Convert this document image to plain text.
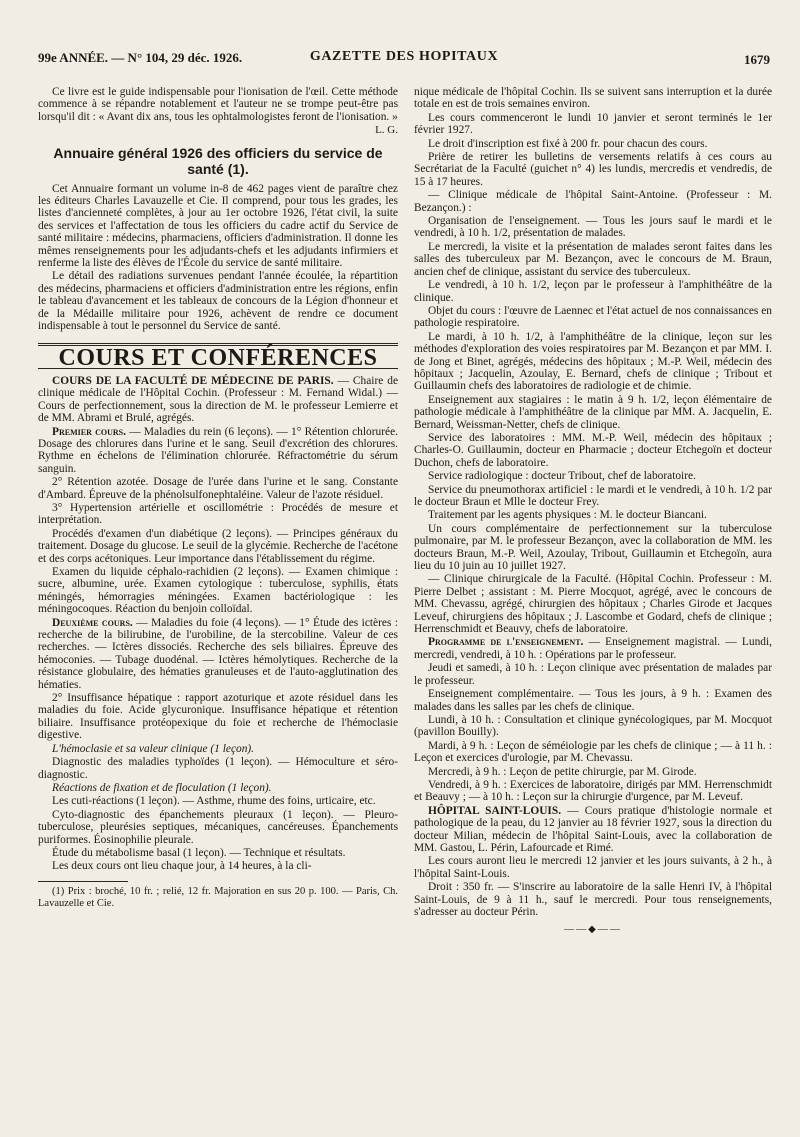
99e ANNÉE. — N° 104, 29 déc. 1926.	GAZETTE DES HOPITAUX	1679

Ce livre est le guide indispensable pour l'ionisation de l'œil. Cette méthode commence à se répandre notablement et l'auteur ne se trompe peut-être pas lorsqu'il dit : « Avant dix ans, tous les ophtalmologistes feront de l'ionisation. »

L. G.
Annuaire général 1926 des officiers du service de santé (1).

Cet Annuaire formant un volume in-8 de 462 pages vient de paraître chez les éditeurs Charles Lavauzelle et Cie. Il comprend, pour tous les grades, les listes d'ancienneté complètes, à jour au 1er octobre 1926, l'état civil, la suite des services et l'affectation de tous les officiers du cadre actif du Service de santé militaire : médecins, pharmaciens, officiers d'administration. Il donne les mêmes renseignements pour les adjudants-chefs et les adjudants infirmiers et renferme la liste des élèves de l'École du service de santé militaire.

Le détail des radiations survenues pendant l'année écoulée, la répartition des médecins, pharmaciens et officiers d'administration entre les régions, enfin le tableau d'avancement et les tableaux de concours de la Légion d'honneur et de la Médaille militaire pour 1926, achèvent de rendre ce document indispensable à tout le personnel du Service de santé.

COURS ET CONFÉRENCES

COURS DE LA FACULTÉ DE MÉDECINE DE PARIS. — Chaire de clinique médicale de l'Hôpital Cochin. (Professeur : M. Fernand Widal.) — Cours de perfectionnement, sous la direction de M. le professeur Lemierre et de MM. Abrami et Brulé, agrégés.

Premier cours. — Maladies du rein (6 leçons). — 1° Rétention chlorurée. Dosage des chlorures dans l'urine et le sang. Seuil d'excrétion des chlorures. Rythme en échelons de l'élimination chlorurée. Réfractométrie du sérum sanguin.

2° Rétention azotée. Dosage de l'urée dans l'urine et le sang. Constante d'Ambard. Épreuve de la phénolsulfonephtaléine. Valeur de l'azote résiduel.

3° Hypertension artérielle et oscillométrie : Procédés de mesure et interprétation.

Procédés d'examen d'un diabétique (2 leçons). — Principes généraux du traitement. Dosage du glucose. Le seuil de la glycémie. Recherche de l'acétone et des corps acétoniques. Leur importance dans l'établissement du régime.

Examen du liquide céphalo-rachidien (2 leçons). — Examen chimique : sucre, albumine, urée. Examen cytologique : tuberculose, syphilis, états méningés, hémorragies méningées. Examen bactériologique : les méningocoques. Réaction du benjoin colloïdal.

Deuxième cours. — Maladies du foie (4 leçons). — 1° Étude des ictères : recherche de la bilirubine, de l'urobiline, de la stercobiline. Valeur de ces recherches. — Ictères dissociés. Recherche des sels biliaires. Épreuve des hémoconies. — Tubage duodénal. — Ictères hémolytiques. Recherche de la résistance globulaire, des hématies granuleuses et de l'auto-agglutination des hématies.

2° Insuffisance hépatique : rapport azoturique et azote résiduel dans les maladies du foie. Acide glycuronique. Insuffisance hépatique et rétention biliaire. Insuffisance protéopexique du foie et recherche de l'hémoclasie digestive.

L'hémoclasie et sa valeur clinique (1 leçon).

Diagnostic des maladies typhoïdes (1 leçon). — Hémoculture et séro-diagnostic.

Réactions de fixation et de floculation (1 leçon).

Les cuti-réactions (1 leçon). — Asthme, rhume des foins, urticaire, etc.

Cyto-diagnostic des épanchements pleuraux (1 leçon). — Pleuro-tuberculose, pleurésies septiques, mécaniques, cancéreuses. Épanchements puriformes. Éosinophilie pleurale.

Étude du métabolisme basal (1 leçon). — Technique et résultats.

Les deux cours ont lieu chaque jour, à 14 heures, à la cli-

(1) Prix : broché, 10 fr. ; relié, 12 fr. Majoration en sus 20 p. 100. — Paris, Ch. Lavauzelle et Cie.

nique médicale de l'hôpital Cochin. Ils se suivent sans interruption et la durée totale en est de trois semaines environ.

Les cours commenceront le lundi 10 janvier et seront terminés le 1er février 1927.

Le droit d'inscription est fixé à 200 fr. pour chacun des cours.

Prière de retirer les bulletins de versements relatifs à ces cours au Secrétariat de la Faculté (guichet n° 4) les lundis, mercredis et vendredis, de 15 à 17 heures.

— Clinique médicale de l'hôpital Saint-Antoine. (Professeur : M. Bezançon.) :

Organisation de l'enseignement. — Tous les jours sauf le mardi et le vendredi, à 10 h. 1/2, présentation de malades.

Le mercredi, la visite et la présentation de malades seront faites dans les salles des tuberculeux par M. Bezançon, avec le concours de M. Braun, ancien chef de clinique, assistant du service des tuberculeux.

Le vendredi, à 10 h. 1/2, leçon par le professeur à l'amphithéâtre de la clinique.

Objet du cours : l'œuvre de Laennec et l'état actuel de nos connaissances en pathologie respiratoire.

Le mardi, à 10 h. 1/2, à l'amphithéâtre de la clinique, leçon sur les méthodes d'exploration des voies respiratoires par M. Bezançon et par MM. I. de Jong et Binet, agrégés, médecins des hôpitaux ; M.-P. Weil, médecin des hôpitaux ; Jacquelin, Azoulay, E. Bernard, chefs de clinique ; Tribout et Guillaumin chefs des laboratoires de radiologie et de chimie.

Enseignement aux stagiaires : le matin à 9 h. 1/2, leçon élémentaire de pathologie médicale à l'amphithéâtre de la clinique par MM. A. Jacquelin, E. Bernard, Weissman-Netter, chefs de clinique.

Service des laboratoires : MM. M.-P. Weil, médecin des hôpitaux ; Charles-O. Guillaumin, docteur en Pharmacie ; docteur Etchegoïn et docteur Duchon, chefs de laboratoire.

Service radiologique : docteur Tribout, chef de laboratoire.

Service du pneumothorax artificiel : le mardi et le vendredi, à 10 h. 1/2 par le docteur Braun et Mlle le docteur Frey.

Traitement par les agents physiques : M. le docteur Biancani.

Un cours complémentaire de perfectionnement sur la tuberculose pulmonaire, par M. le professeur Bezançon, avec la collaboration de MM. les docteurs Braun, M.-P. Weil, Azoulay, Tribout, Guillaumin et Etchegoïn, aura lieu du 10 juin au 10 juillet 1927.

— Clinique chirurgicale de la Faculté. (Hôpital Cochin. Professeur : M. Pierre Delbet ; assistant : M. Pierre Mocquot, agrégé, avec le concours de MM. Chevassu, agrégé, chirurgien des hôpitaux ; Charles Girode et Jacques Leveuf, chirurgiens des hôpitaux ; J. Lascombe et Godard, chefs de clinique ; Herrenschmidt et Beauvy, chefs de laboratoire.

Programme de l'enseignement. — Enseignement magistral. — Lundi, mercredi, vendredi, à 10 h. : Opérations par le professeur.

Jeudi et samedi, à 10 h. : Leçon clinique avec présentation de malades par le professeur.

Enseignement complémentaire. — Tous les jours, à 9 h. : Examen des malades dans les salles par les chefs de clinique.

Lundi, à 10 h. : Consultation et clinique gynécologiques, par M. Mocquot (pavillon Bouilly).

Mardi, à 9 h. : Leçon de séméiologie par les chefs de clinique ; — à 11 h. : Leçon et exercices d'urologie, par M. Chevassu.

Mercredi, à 9 h. : Leçon de petite chirurgie, par M. Girode.

Vendredi, à 9 h. : Exercices de laboratoire, dirigés par MM. Herrenschmidt et Beauvy ; — à 10 h. : Leçon sur la chirurgie d'urgence, par M. Leveuf.

HÔPITAL SAINT-LOUIS. — Cours pratique d'histologie normale et pathologique de la peau, du 12 janvier au 18 février 1927, sous la direction du docteur Milian, médecin de l'hôpital Saint-Louis, avec la collaboration de MM. Gastou, L. Périn, Lafourcade et Rimé.

Les cours auront lieu le mercredi 12 janvier et les jours suivants, à 2 h., à l'hôpital Saint-Louis.

Droit : 350 fr. — S'inscrire au laboratoire de la salle Henri IV, à l'hôpital Saint-Louis, de 9 à 11 h., sauf le mercredi. Pour tous renseignements, s'adresser au docteur Périn.

——◆——
